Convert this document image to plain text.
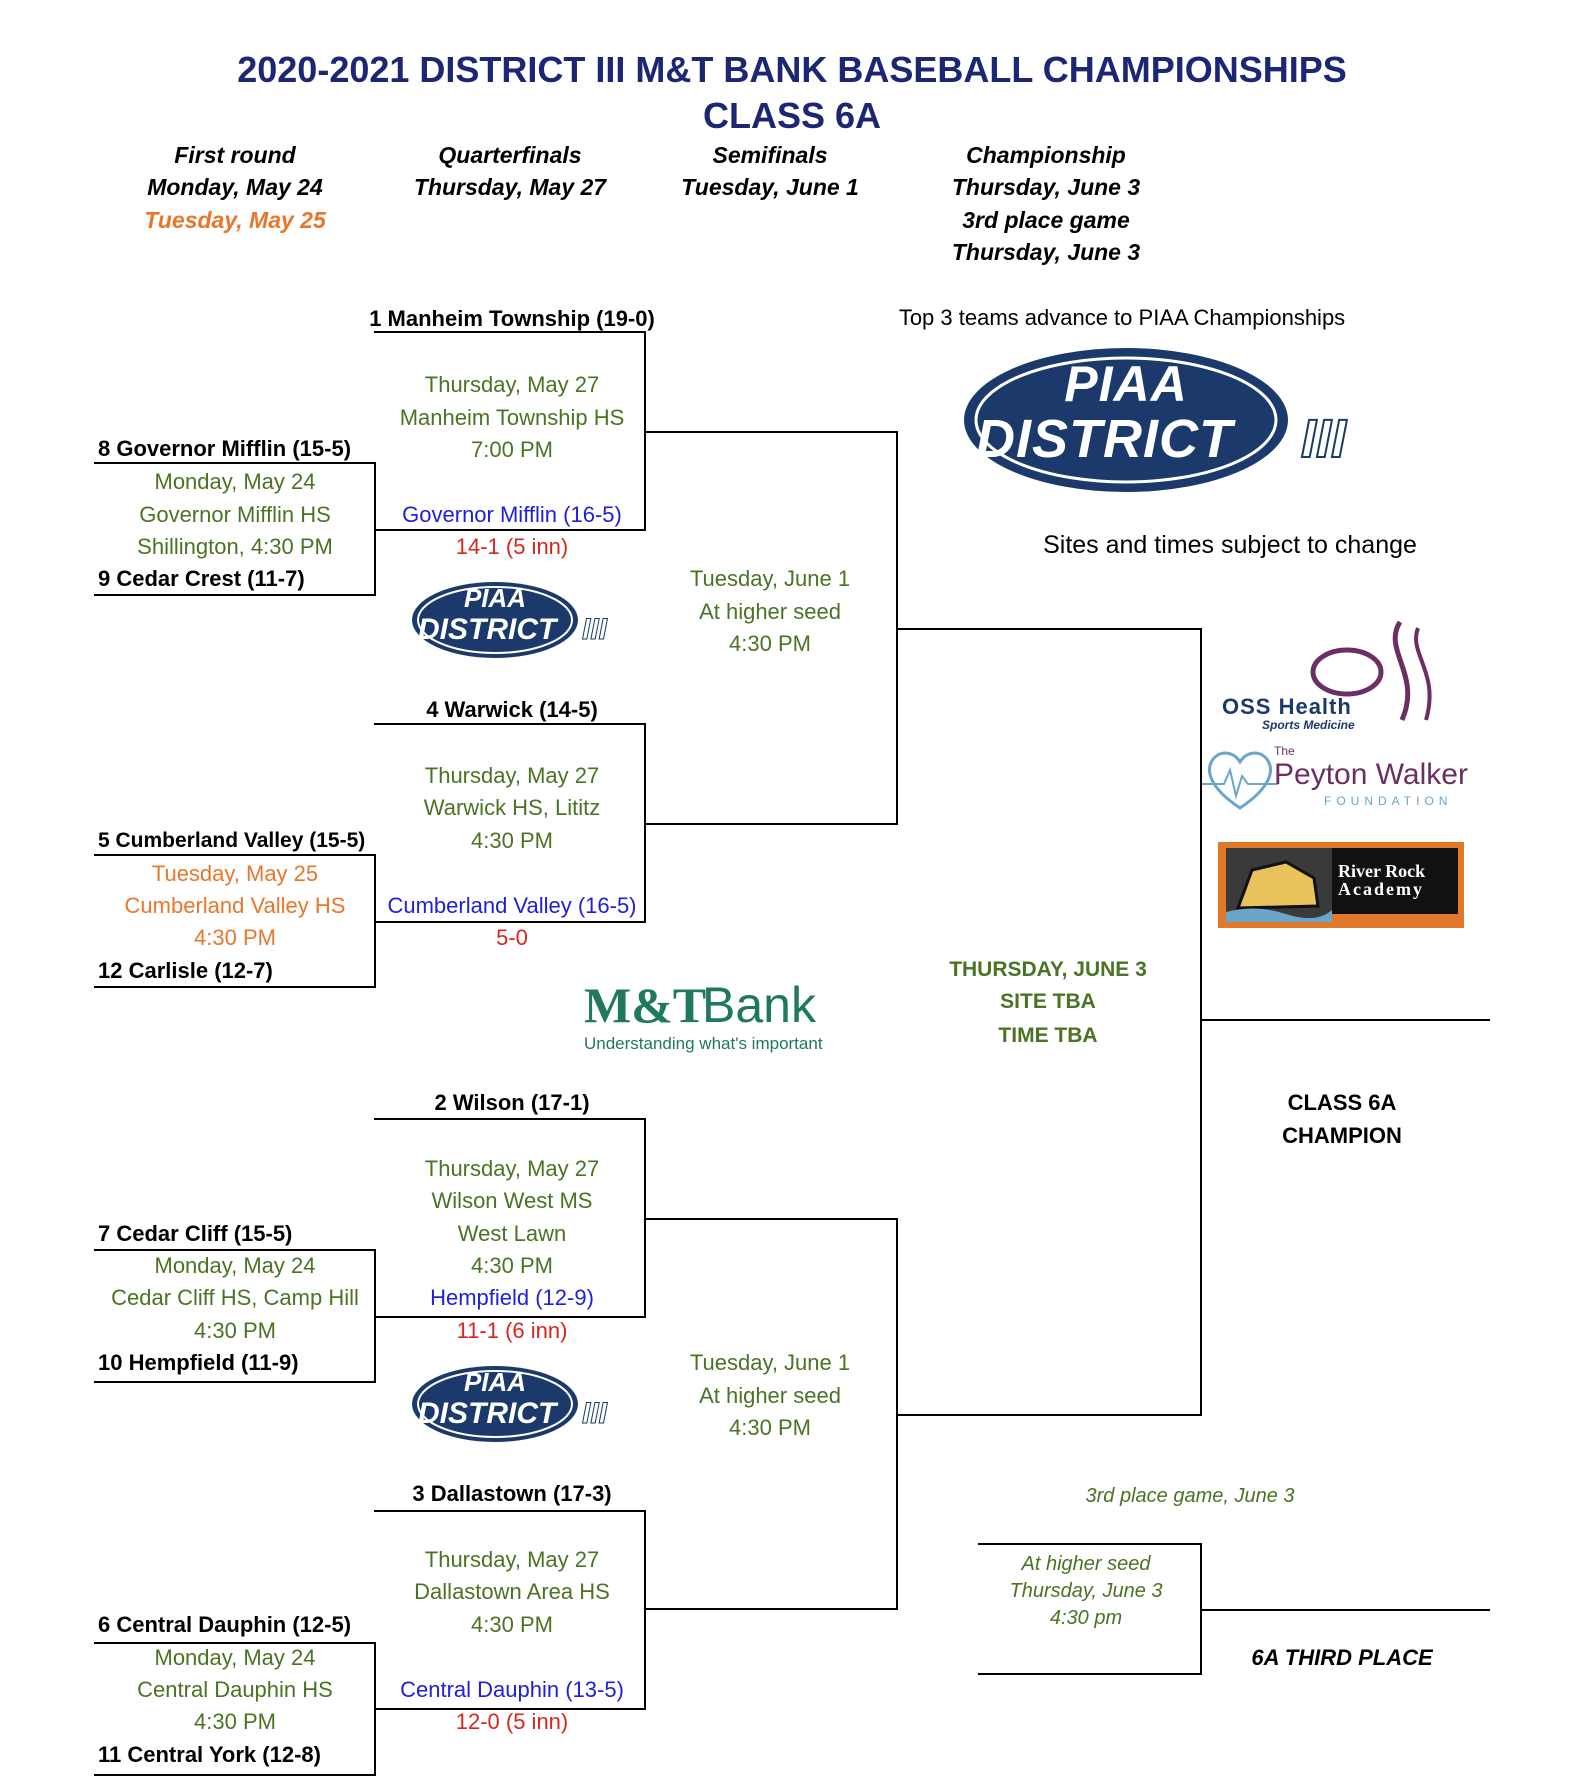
2020-2021 DISTRICT III M&T BANK BASEBALL CHAMPIONSHIPS
CLASS 6A
First round
Monday, May 24
Tuesday, May 25
Quarterfinals
Thursday, May 27
Semifinals
Tuesday, June 1
Championship
Thursday, June 3
3rd place game
Thursday, June 3
Top 3 teams advance to PIAA Championships
Sites and times subject to change
1 Manheim Township (19-0)
Thursday, May 27
Manheim Township HS
7:00 PM
Governor Mifflin (16-5)
14-1 (5 inn)
8 Governor Mifflin (15-5)
Monday, May 24
Governor Mifflin HS
Shillington, 4:30 PM
9 Cedar Crest (11-7)	Tuesday, June 1
At higher seed
4:30 PM
4 Warwick (14-5)
Thursday, May 27
Warwick HS, Lititz
4:30 PM
Cumberland Valley (16-5)
5-0
5 Cumberland Valley (15-5)
Tuesday, May 25
Cumberland Valley HS
4:30 PM
12 Carlisle (12-7)
2 Wilson (17-1)
Thursday, May 27
Wilson West MS
West Lawn
4:30 PM
Hempfield (12-9)
11-1 (6 inn)
7 Cedar Cliff (15-5)
Monday, May 24
Cedar Cliff HS, Camp Hill
4:30 PM
10 Hempfield (11-9)	Tuesday, June 1
At higher seed
4:30 PM
3 Dallastown (17-3)
Thursday, May 27
Dallastown Area HS
4:30 PM
Central Dauphin (13-5)
12-0 (5 inn)
6 Central Dauphin (12-5)
Monday, May 24
Central Dauphin HS
4:30 PM
11 Central York (12-8)
THURSDAY, JUNE 3
SITE TBA
TIME TBA
CLASS 6A
CHAMPION
3rd place game, June 3
At higher seed
Thursday, June 3
4:30 pm
6A THIRD PLACE
PIAA
DISTRICT III
PIAA
DISTRICT III
PIAA
DISTRICT III
M&T
Bank
Understanding what's important
OSS Health
Sports Medicine
The
Peyton Walker
FOUNDATION
River Rock
Academy
